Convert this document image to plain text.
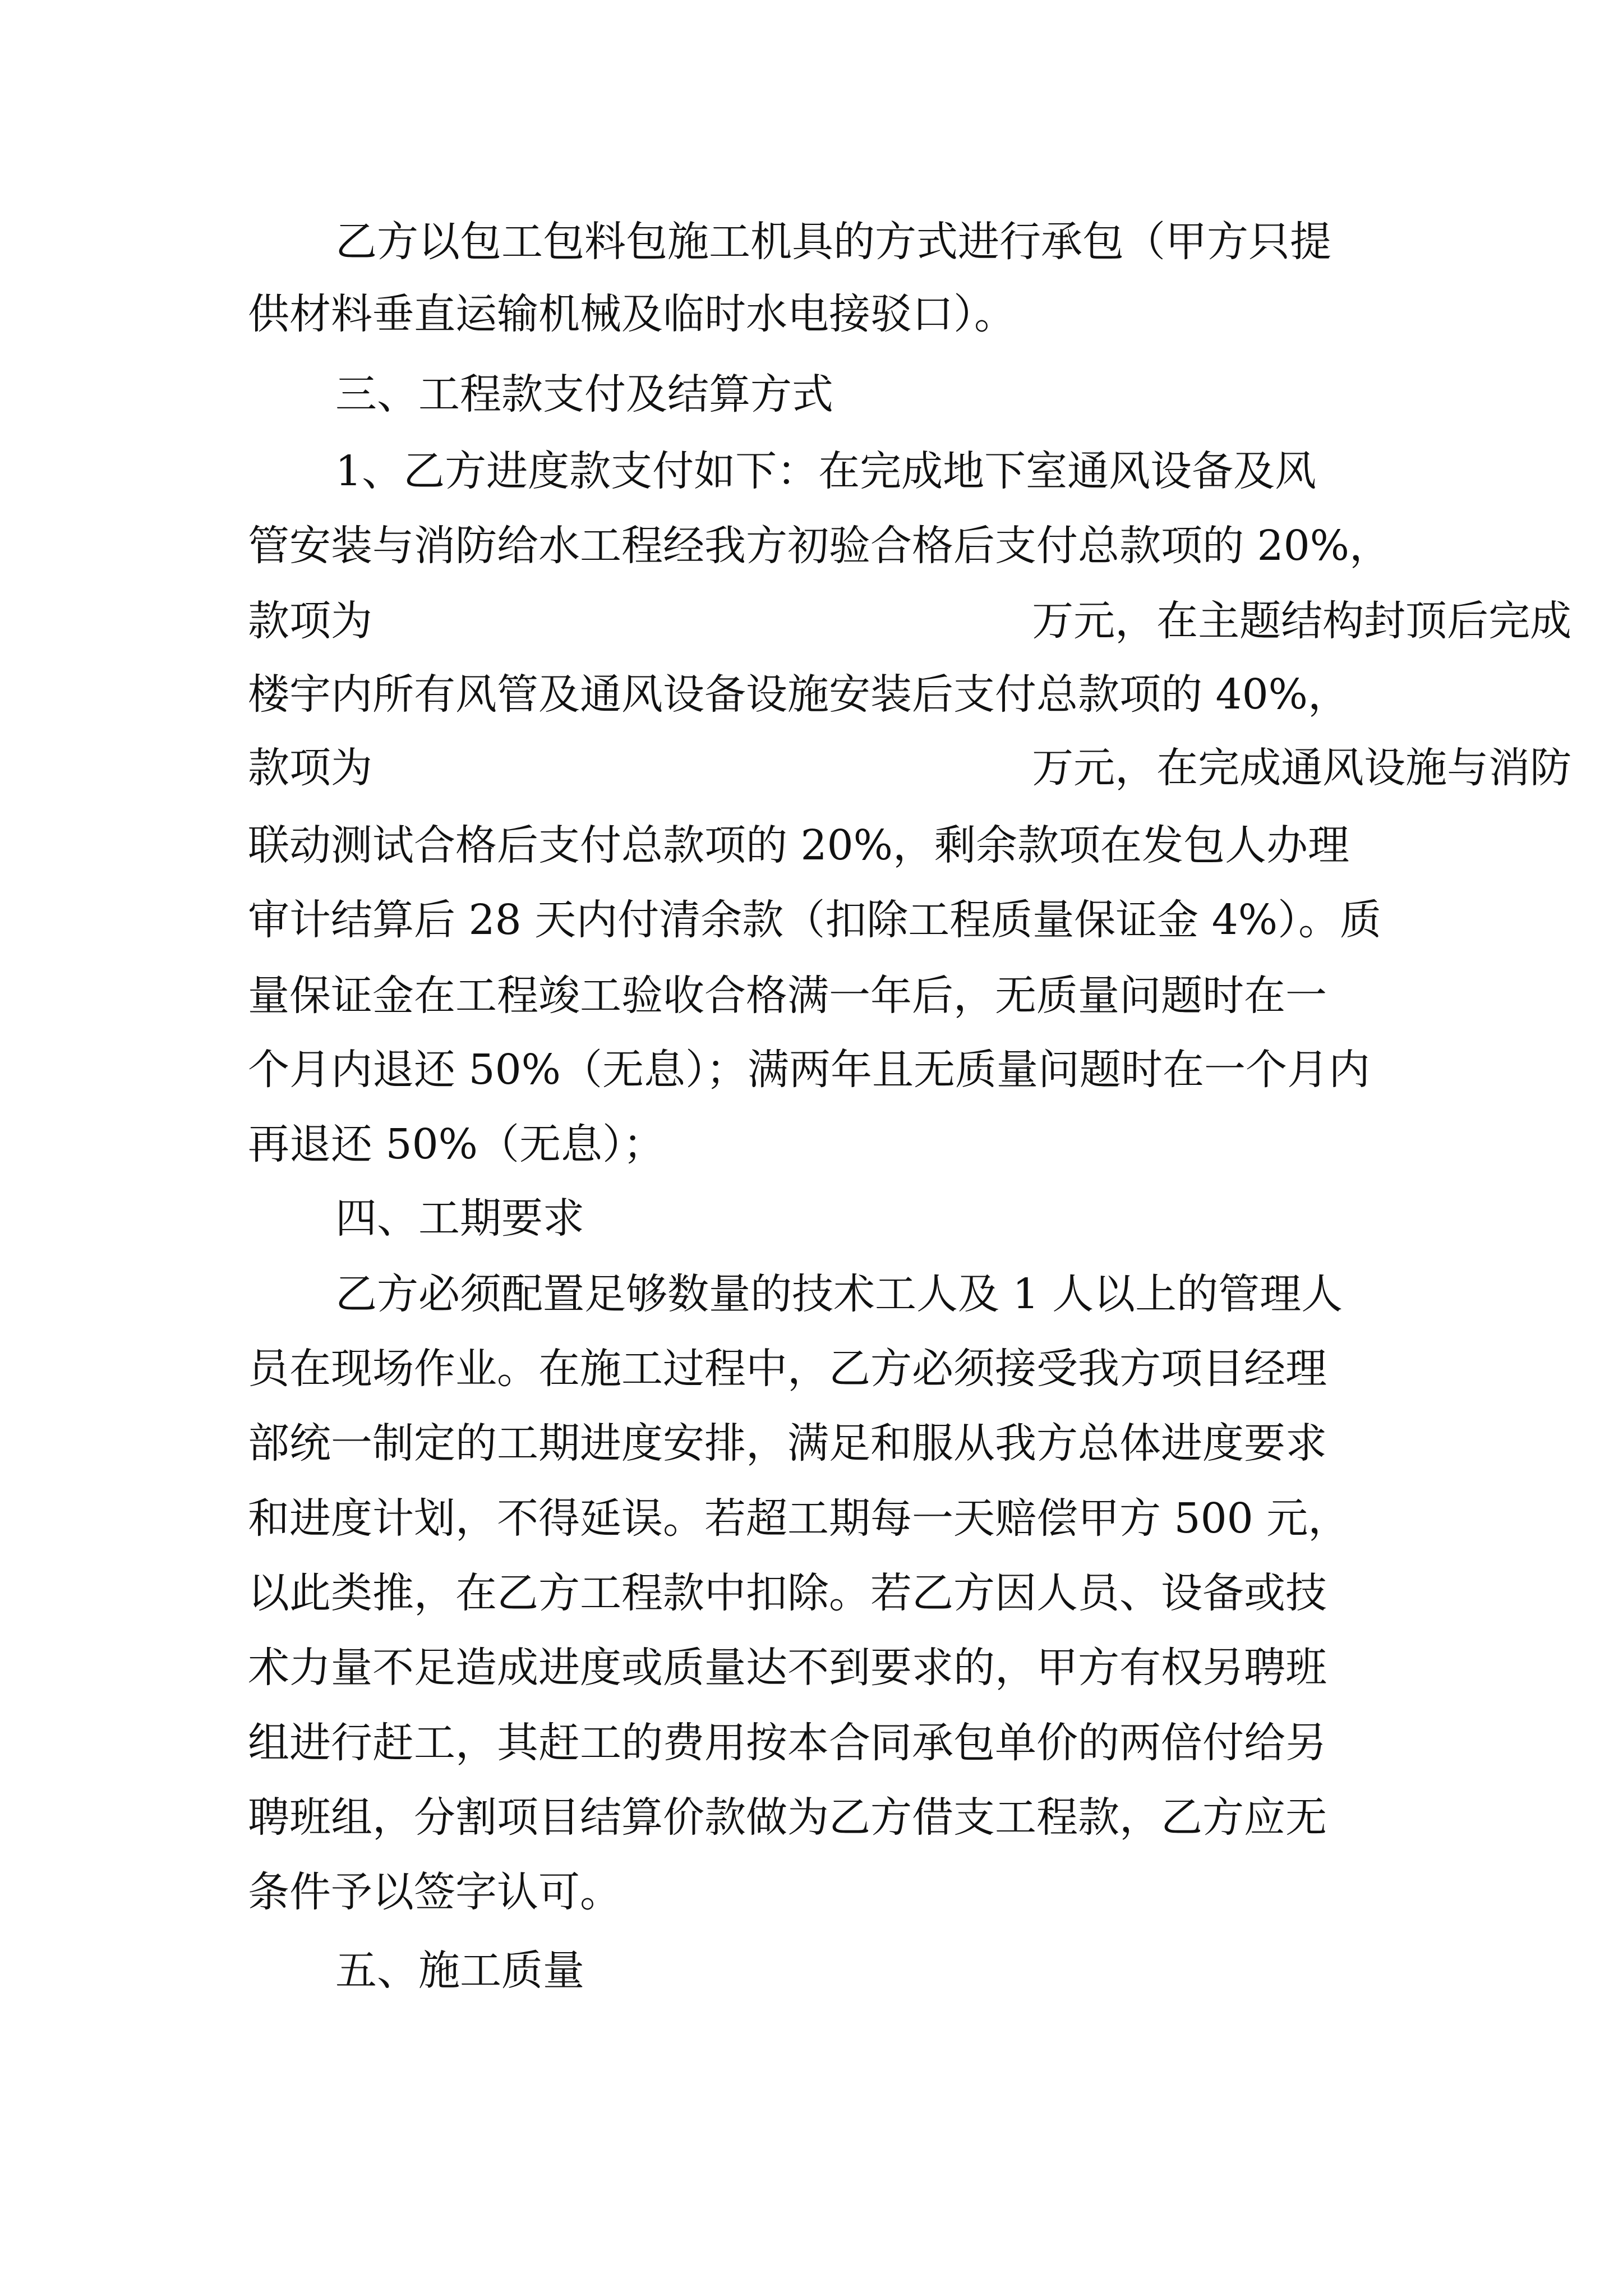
乙方以包工包料包施工机具的方式进行承包（甲方只提
供材料垂直运输机械及临时水电接驳口）。
三、工程款支付及结算方式
1、乙方进度款支付如下：在完成地下室通风设备及风
管安装与消防给水工程经我方初验合格后支付总款项的 20%，
款项为                                                  万元，在主题结构封顶后完成
楼宇内所有风管及通风设备设施安装后支付总款项的 40%，
款项为                                                  万元，在完成通风设施与消防
联动测试合格后支付总款项的 20%，剩余款项在发包人办理
审计结算后 28 天内付清余款（扣除工程质量保证金 4%）。质
量保证金在工程竣工验收合格满一年后，无质量问题时在一
个月内退还 50%（无息）；满两年且无质量问题时在一个月内
再退还 50%（无息）；
四、工期要求
乙方必须配置足够数量的技术工人及 1 人以上的管理人
员在现场作业。在施工过程中，乙方必须接受我方项目经理
部统一制定的工期进度安排，满足和服从我方总体进度要求
和进度计划，不得延误。若超工期每一天赔偿甲方 500 元，
以此类推，在乙方工程款中扣除。若乙方因人员、设备或技
术力量不足造成进度或质量达不到要求的，甲方有权另聘班
组进行赶工，其赶工的费用按本合同承包单价的两倍付给另
聘班组，分割项目结算价款做为乙方借支工程款，乙方应无
条件予以签字认可。
五、施工质量
